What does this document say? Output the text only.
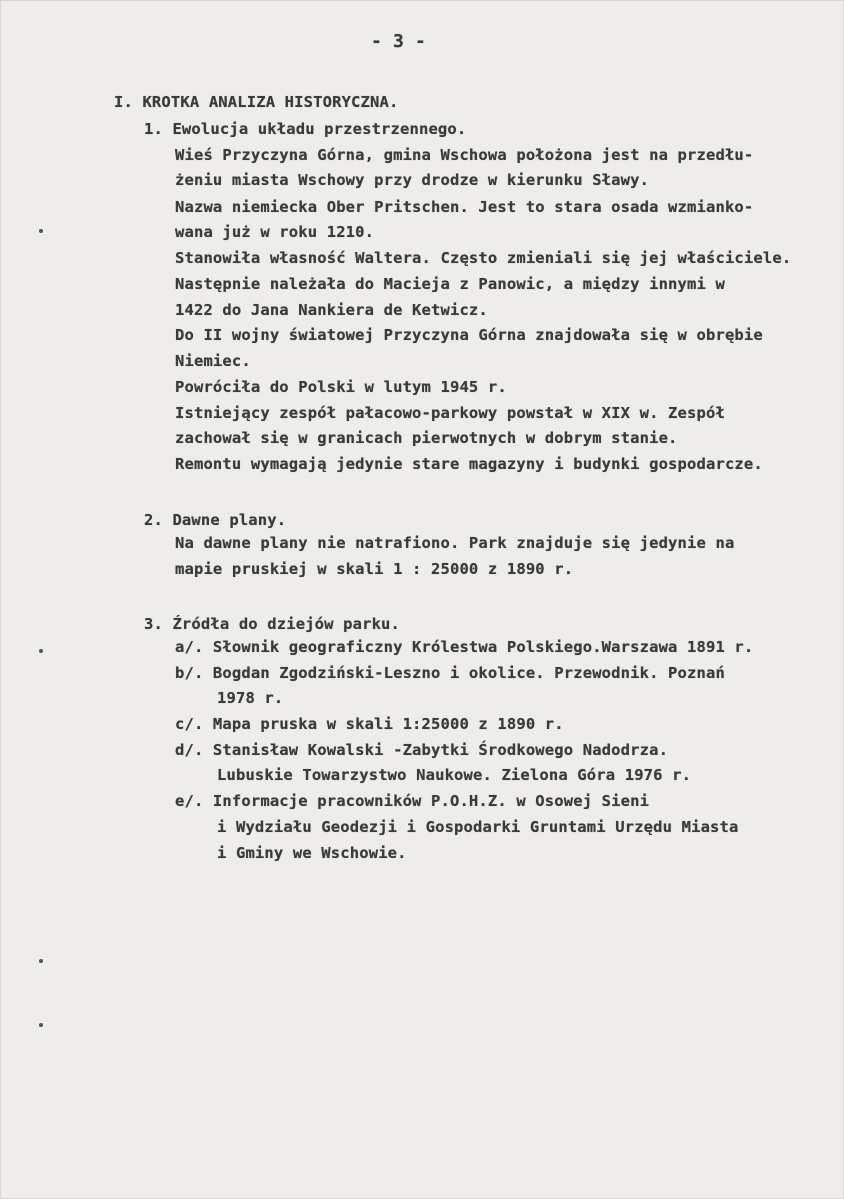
- 3 -
I. KROTKA ANALIZA HISTORYCZNA.
1. Ewolucja układu przestrzennego.
Wieś Przyczyna Górna, gmina Wschowa położona jest na przedłu-
żeniu miasta Wschowy przy drodze w kierunku Sławy.
Nazwa niemiecka Ober Pritschen. Jest to stara osada wzmianko-
wana już w roku 1210.
Stanowiła własność Waltera. Często zmieniali się jej właściciele.
Następnie należała do Macieja z Panowic, a między innymi w
1422 do Jana Nankiera de Ketwicz.
Do II wojny światowej Przyczyna Górna znajdowała się w obrębie
Niemiec.
Powróciła do Polski w lutym 1945 r.
Istniejący zespół pałacowo-parkowy powstał w XIX w. Zespół
zachował się w granicach pierwotnych w dobrym stanie.
Remontu wymagają jedynie stare magazyny i budynki gospodarcze.
2. Dawne plany.
Na dawne plany nie natrafiono. Park znajduje się jedynie na
mapie pruskiej w skali 1 : 25000 z 1890 r.
3. Źródła do dziejów parku.
a/. Słownik geograficzny Królestwa Polskiego.Warszawa 1891 r.
b/. Bogdan Zgodziński-Leszno i okolice. Przewodnik. Poznań
1978 r.
c/. Mapa pruska w skali 1:25000 z 1890 r.
d/. Stanisław Kowalski -Zabytki Środkowego Nadodrza.
Lubuskie Towarzystwo Naukowe. Zielona Góra 1976 r.
e/. Informacje pracowników P.O.H.Z. w Osowej Sieni
i Wydziału Geodezji i Gospodarki Gruntami Urzędu Miasta
i Gminy we Wschowie.
